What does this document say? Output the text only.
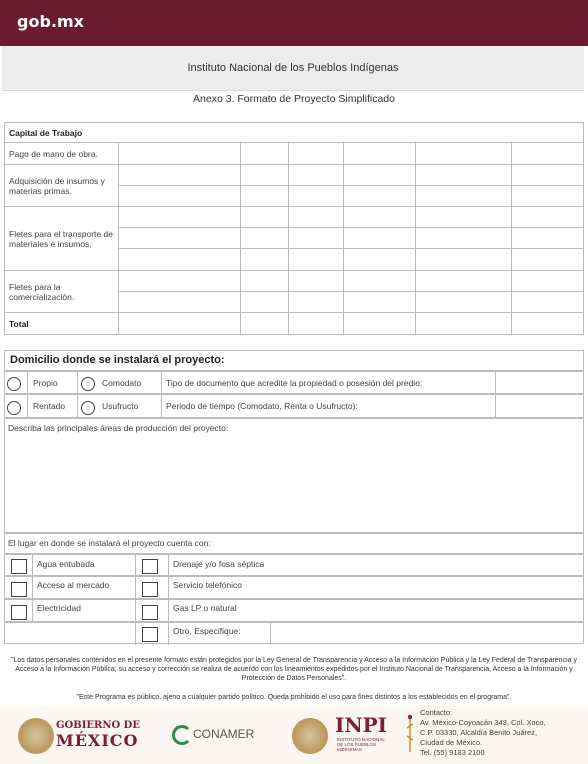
gob.mx
Instituto Nacional de los Pueblos Indígenas
Anexo 3. Formato de Proyecto Simplificado
Capital de Trabajo						
Pago de mano de obra.						
Adquisición de insumos y materias primas.						

Fletes para el transporte de materiales e insumos.						

Fletes para la comercialización.						

Total						
Domicilio donde se instalará el proyecto:
Propio	Comodato	Tipo de documento que acredite la propiedad o posesión del predio:
Rentado	Usufructo	Periodo de tiempo (Comodato, Renta o Usufructo):
Describa las principales áreas de producción del proyecto:
El lugar en donde se instalará el proyecto cuenta con:
Agua entubada	Drenaje y/o fosa séptica
Acceso al mercado	Servicio telefónico
Electricidad	Gas LP o natural
Otro, Especifique:
"Los datos personales contenidos en el presente formato están protegidos por la Ley General de Transparencia y Acceso a la Información Pública y la Ley Federal de Transparencia y Acceso a la Información Pública; su acceso y corrección se realiza de acuerdo con los lineamientos expedidos por el Instituto Nacional de Transparencia, Acceso a la Información y Protección de Datos Personales".
"Este Programa es público, ajeno a cualquier partido político. Queda prohibido el uso para fines distintos a los establecidos en el programa".
GOBIERNO DE
MÉXICO	CONAMER	INPI
INSTITUTO NACIONAL DE LOS PUEBLOS INDÍGENAS
Contacto:
Av. México-Coyoacán 343, Col. Xoco,
C.P. 03330, Alcaldía Benito Juárez,
Ciudad de México.
Tel. (55) 9183 2100
